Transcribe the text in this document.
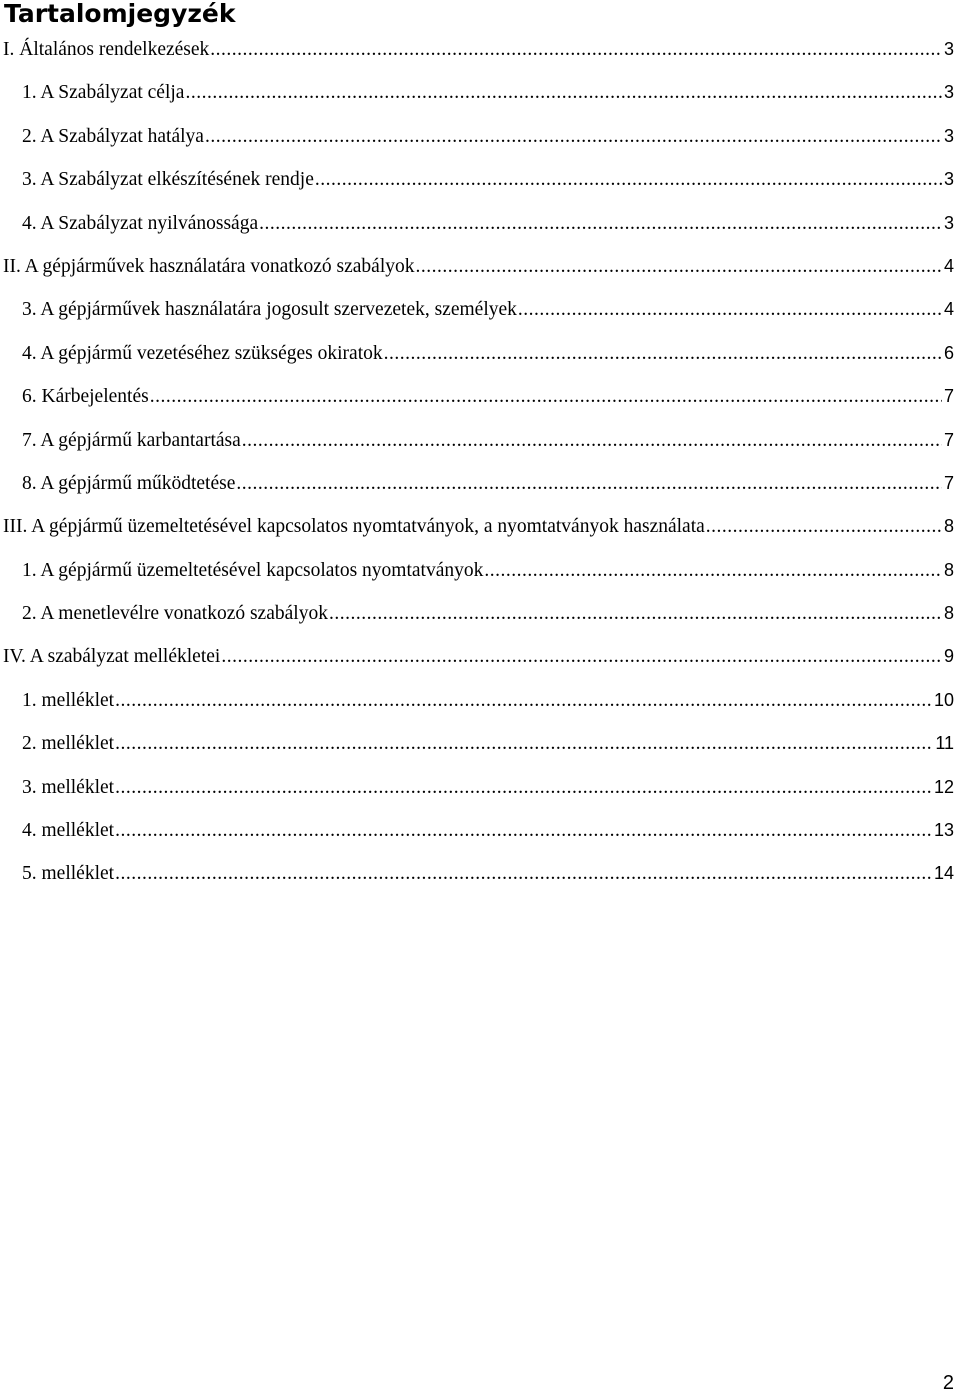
Tartalomjegyzék
I. Általános rendelkezések .....	3
1. A Szabályzat célja .....	3
2. A Szabályzat hatálya .....	3
3. A Szabályzat elkészítésének rendje .....	3
4. A Szabályzat nyilvánossága .....	3
II. A gépjárművek használatára vonatkozó szabályok .....	4
3. A gépjárművek használatára jogosult szervezetek, személyek .....	4
4. A gépjármű vezetéséhez szükséges okiratok .....	6
6. Kárbejelentés .....	7
7. A gépjármű karbantartása .....	7
8. A gépjármű működtetése .....	7
III. A gépjármű üzemeltetésével kapcsolatos nyomtatványok, a nyomtatványok használata .....	8
1. A gépjármű üzemeltetésével kapcsolatos nyomtatványok .....	8
2. A menetlevélre vonatkozó szabályok .....	8
IV. A szabályzat mellékletei .....	9
1. melléklet .....	10
2. melléklet .....	11
3. melléklet .....	12
4. melléklet .....	13
5. melléklet .....	14
2
